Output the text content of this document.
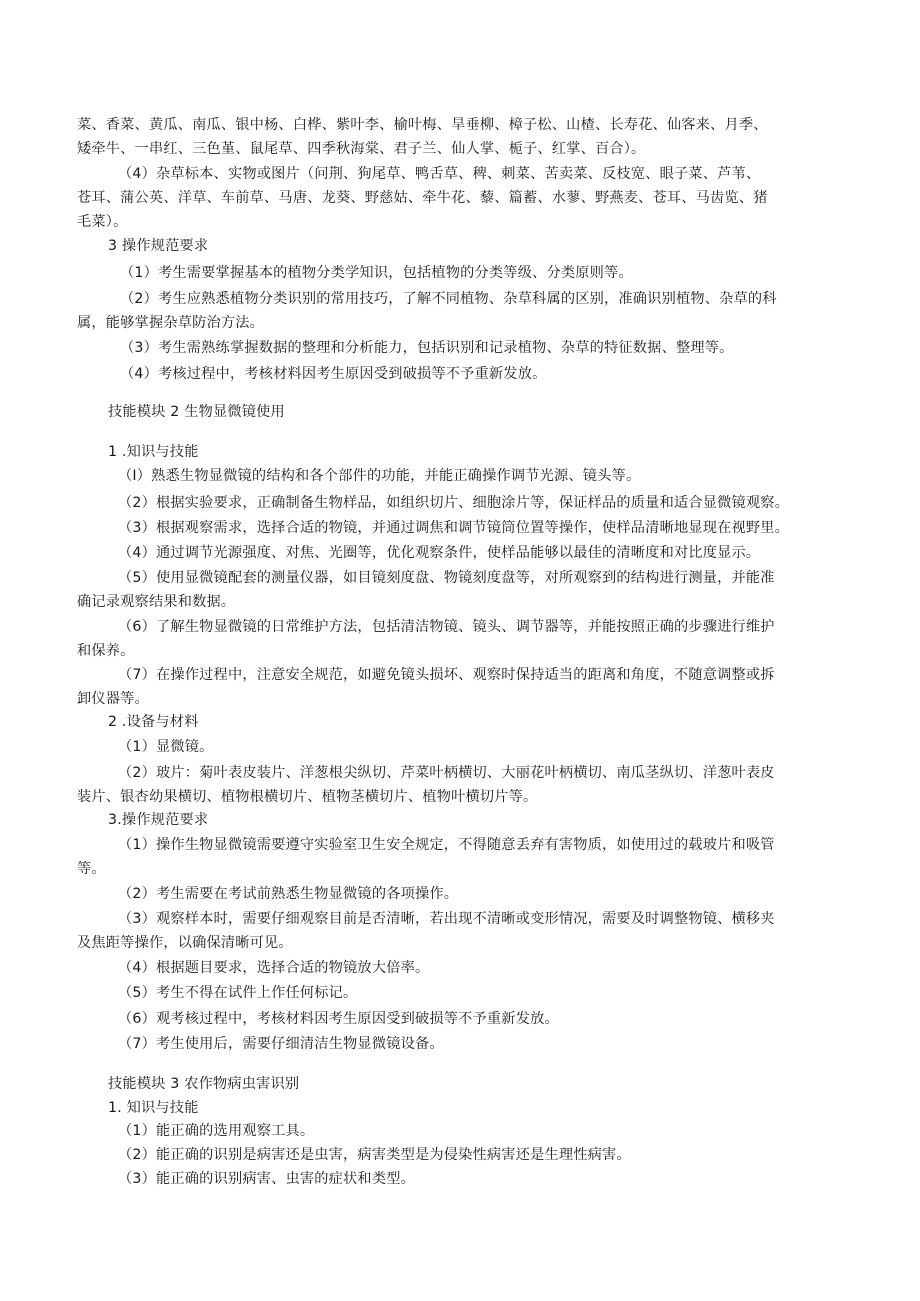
菜、香菜、黄瓜、南瓜、银中杨、白桦、紫叶李、榆叶梅、旱垂柳、樟子松、山楂、长寿花、仙客来、月季、
矮牵牛、一串红、三色堇、鼠尾草、四季秋海棠、君子兰、仙人掌、栀子、红掌、百合）。
（4）杂草标本、实物或图片（问荆、狗尾草、鸭舌草、稗、刺菜、苦卖菜、反枝宽、眼子菜、芦苇、
苍耳、蒲公英、洋草、车前草、马唐、龙葵、野慈姑、牵牛花、藜、篇蓄、水蓼、野燕麦、苍耳、马齿览、猪
毛菜）。
3 操作规范要求
（1）考生需要掌握基本的植物分类学知识，包括植物的分类等级、分类原则等。
（2）考生应熟悉植物分类识别的常用技巧，了解不同植物、杂草科属的区别，准确识别植物、杂草的科
属，能够掌握杂草防治方法。
（3）考生需熟练掌握数据的整理和分析能力，包括识别和记录植物、杂草的特征数据、整理等。
（4）考核过程中，考核材料因考生原因受到破损等不予重新发放。
技能模块 2 生物显微镜使用
1 .知识与技能
（I）熟悉生物显微镜的结构和各个部件的功能，并能正确操作调节光源、镜头等。
（2）根据实验要求，正确制备生物样品，如组织切片、细胞涂片等，保证样品的质量和适合显微镜观察。
（3）根据观察需求，选择合适的物镜，并通过调焦和调节镜筒位置等操作，使样品清晰地显现在视野里。
（4）通过调节光源强度、对焦、光圈等，优化观察条件，使样品能够以最佳的清晰度和对比度显示。
（5）使用显微镜配套的测量仪器，如目镜刻度盘、物镜刻度盘等，对所观察到的结构进行测量，并能准
确记录观察结果和数据。
（6）了解生物显微镜的日常维护方法，包括清洁物镜、镜头、调节器等，并能按照正确的步骤进行维护
和保养。
（7）在操作过程中，注意安全规范，如避免镜头损坏、观察时保持适当的距离和角度，不随意调整或拆
卸仪器等。
2 .设备与材料
（1）显微镜。
（2）玻片：菊叶表皮装片、洋葱根尖纵切、芹菜叶柄横切、大丽花叶柄横切、南瓜茎纵切、洋葱叶表皮
装片、银杏幼果横切、植物根横切片、植物茎横切片、植物叶横切片等。
3.操作规范要求
（1）操作生物显微镜需要遵守实验室卫生安全规定，不得随意丢弃有害物质，如使用过的载玻片和吸管
等。
（2）考生需要在考试前熟悉生物显微镜的各项操作。
（3）观察样本时，需要仔细观察目前是否清晰，若出现不清晰或变形情况，需要及时调整物镜、横移夹
及焦距等操作，以确保清晰可见。
（4）根据题目要求，选择合适的物镜放大倍率。
（5）考生不得在试件上作任何标记。
（6）观考核过程中，考核材料因考生原因受到破损等不予重新发放。
（7）考生使用后，需要仔细清洁生物显微镜设备。
技能模块 3 农作物病虫害识别
1. 知识与技能
（1）能正确的选用观察工具。
（2）能正确的识别是病害还是虫害，病害类型是为侵染性病害还是生理性病害。
（3）能正确的识别病害、虫害的症状和类型。
